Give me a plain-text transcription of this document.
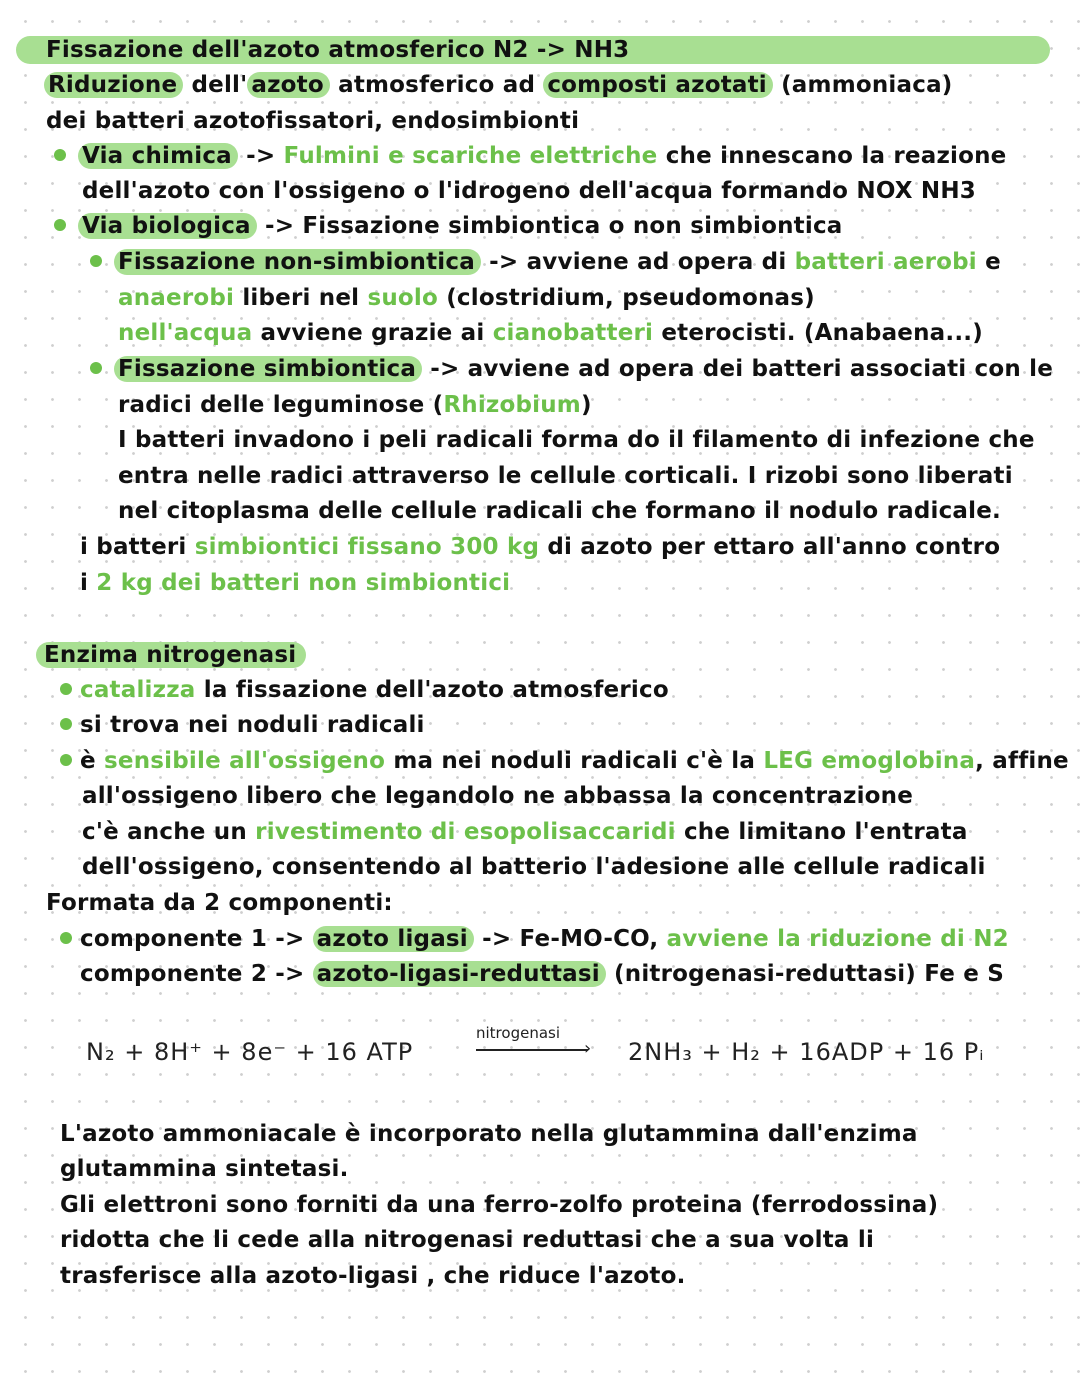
Fissazione dell'azoto atmosferico N2 -> NH3
Riduzione dell' azoto atmosferico ad composti azotati (ammoniaca)
dei batteri azotofissatori, endosimbionti
Via chimica -> Fulmini e scariche elettriche che innescano la reazione
dell'azoto con l'ossigeno o l'idrogeno dell'acqua formando NOX NH3
Via biologica -> Fissazione simbiontica o non simbiontica
Fissazione non-simbiontica -> avviene ad opera di batteri aerobi e
anaerobi liberi nel suolo (clostridium, pseudomonas)
nell'acqua avviene grazie ai cianobatteri eterocisti. (Anabaena...)
Fissazione simbiontica -> avviene ad opera dei batteri associati con le
radici delle leguminose (Rhizobium)
I batteri invadono i peli radicali forma do il filamento di infezione che
entra nelle radici attraverso le cellule corticali. I rizobi sono liberati
nel citoplasma delle cellule radicali che formano il nodulo radicale.
i batteri simbiontici fissano 300 kg di azoto per ettaro all'anno contro
i 2 kg dei batteri non simbiontici
Enzima nitrogenasi
catalizza la fissazione dell'azoto atmosferico
si trova nei noduli radicali
è sensibile all'ossigeno ma nei noduli radicali c'è la LEG emoglobina, affine
all'ossigeno libero che legandolo ne abbassa la concentrazione
c'è anche un rivestimento di esopolisaccaridi che limitano l'entrata
dell'ossigeno, consentendo al batterio l'adesione alle cellule radicali
Formata da 2 componenti:
componente 1 -> azoto ligasi -> Fe-MO-CO, avviene la riduzione di N2
componente 2 -> azoto-ligasi-reduttasi (nitrogenasi-reduttasi) Fe e S
N₂ + 8H⁺ + 8e⁻ + 16 ATP
nitrogenasi
› 2NH₃ + H₂ + 16ADP + 16 Pᵢ
L'azoto ammoniacale è incorporato nella glutammina dall'enzima
glutammina sintetasi.
Gli elettroni sono forniti da una ferro-zolfo proteina (ferrodossina)
ridotta che li cede alla nitrogenasi reduttasi che a sua volta li
trasferisce alla azoto-ligasi , che riduce l'azoto.
